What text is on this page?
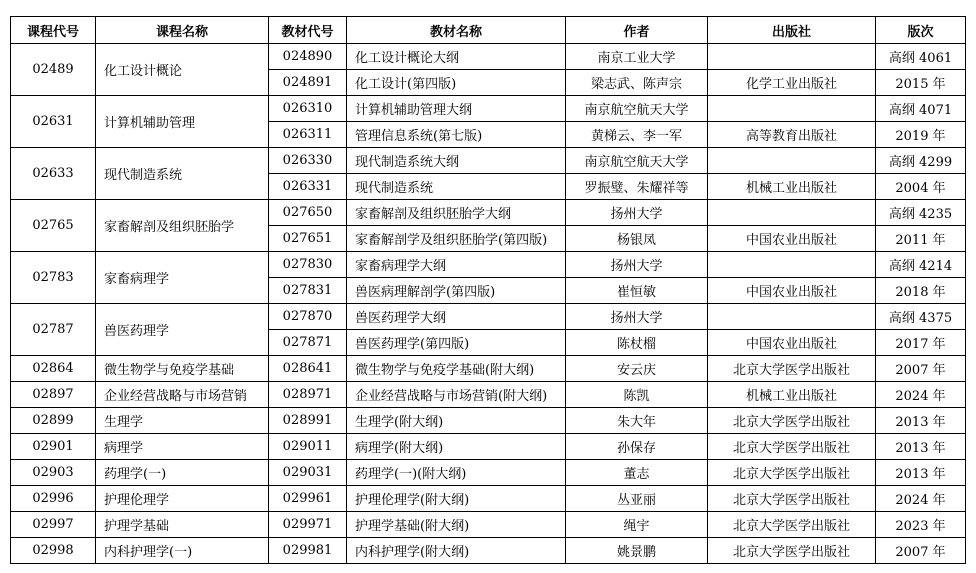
课程代号	课程名称	教材代号	教材名称	作者	出版社	版次
02489	化工设计概论	024890	化工设计概论大纲	南京工业大学		高纲 4061
		024891	化工设计(第四版)	梁志武、陈声宗	化学工业出版社	2015 年
02631	计算机辅助管理	026310	计算机辅助管理大纲	南京航空航天大学		高纲 4071
		026311	管理信息系统(第七版)	黄梯云、李一军	高等教育出版社	2019 年
02633	现代制造系统	026330	现代制造系统大纲	南京航空航天大学		高纲 4299
		026331	现代制造系统	罗振璧、朱耀祥等	机械工业出版社	2004 年
02765	家畜解剖及组织胚胎学	027650	家畜解剖及组织胚胎学大纲	扬州大学		高纲 4235
		027651	家畜解剖学及组织胚胎学(第四版)	杨银凤	中国农业出版社	2011 年
02783	家畜病理学	027830	家畜病理学大纲	扬州大学		高纲 4214
		027831	兽医病理解剖学(第四版)	崔恒敏	中国农业出版社	2018 年
02787	兽医药理学	027870	兽医药理学大纲	扬州大学		高纲 4375
		027871	兽医药理学(第四版)	陈杖榴	中国农业出版社	2017 年
02864	微生物学与免疫学基础	028641	微生物学与免疫学基础(附大纲)	安云庆	北京大学医学出版社	2007 年
02897	企业经营战略与市场营销	028971	企业经营战略与市场营销(附大纲)	陈凯	机械工业出版社	2024 年
02899	生理学	028991	生理学(附大纲)	朱大年	北京大学医学出版社	2013 年
02901	病理学	029011	病理学(附大纲)	孙保存	北京大学医学出版社	2013 年
02903	药理学(一)	029031	药理学(一)(附大纲)	董志	北京大学医学出版社	2013 年
02996	护理伦理学	029961	护理伦理学(附大纲)	丛亚丽	北京大学医学出版社	2024 年
02997	护理学基础	029971	护理学基础(附大纲)	绳宇	北京大学医学出版社	2023 年
02998	内科护理学(一)	029981	内科护理学(附大纲)	姚景鹏	北京大学医学出版社	2007 年
